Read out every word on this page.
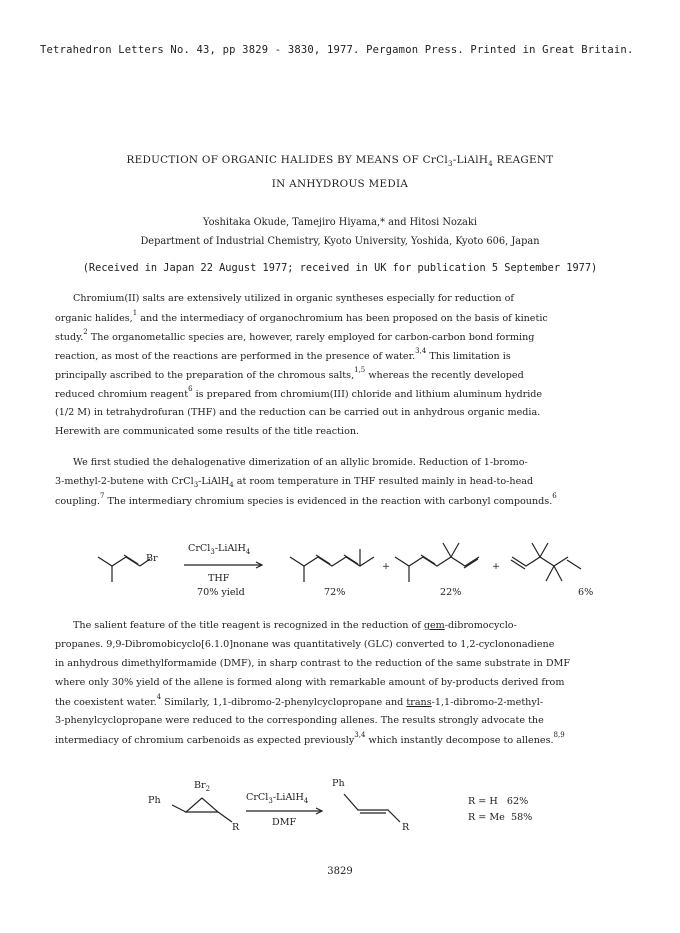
Tetrahedron Letters No. 43, pp 3829 - 3830, 1977. Pergamon Press. Printed in Great Britain.
REDUCTION OF ORGANIC HALIDES BY MEANS OF CrCl$_3$-LiAlH$_4$ REAGENT
IN ANHYDROUS MEDIA
Yoshitaka Okude, Tamejiro Hiyama,* and Hitosi Nozaki
Department of Industrial Chemistry, Kyoto University, Yoshida, Kyoto 606, Japan
(Received in Japan 22 August 1977; received in UK for publication 5 September 1977)
Chromium(II) salts are extensively utilized in organic syntheses especially for reduction of
organic halides,$^1$ and the intermediacy of organochromium has been proposed on the basis of kinetic
study.$^2$ The organometallic species are, however, rarely employed for carbon-carbon bond forming
reaction, as most of the reactions are performed in the presence of water.$^{3,4}$ This limitation is
principally ascribed to the preparation of the chromous salts,$^{1,5}$ whereas the recently developed
reduced chromium reagent$^6$ is prepared from chromium(III) chloride and lithium aluminum hydride
(1/2 M) in tetrahydrofuran (THF) and the reduction can be carried out in anhydrous organic media.
Herewith are communicated some results of the title reaction.
We first studied the dehalogenative dimerization of an allylic bromide. Reduction of 1-bromo-
3-methyl-2-butene with CrCl$_3$-LiAlH$_4$ at room temperature in THF resulted mainly in head-to-head
coupling.$^7$ The intermediary chromium species is evidenced in the reaction with carbonyl compounds.$^6$
Br
CrCl$_3$-LiAlH$_4$
THF
70% yield
+	+
72%	22%	6%
The salient feature of the title reagent is recognized in the reduction of gem-dibromocyclo-
propanes. 9,9-Dibromobicyclo[6.1.0]nonane was quantitatively (GLC) converted to 1,2-cyclononadiene
in anhydrous dimethylformamide (DMF), in sharp contrast to the reduction of the same substrate in DMF
where only 30% yield of the allene is formed along with remarkable amount of by-products derived from
the coexistent water.$^4$ Similarly, 1,1-dibromo-2-phenylcyclopropane and trans-1,1-dibromo-2-methyl-
3-phenylcyclopropane were reduced to the corresponding allenes. The results strongly advocate the
intermediacy of chromium carbenoids as expected previously$^{3,4}$ which instantly decompose to allenes.$^{8,9}$
Ph
$Br_2$
R
CrCl$_3$-LiAlH$_4$
DMF
Ph
R
R = H   62%
R = Me  58%
3829
